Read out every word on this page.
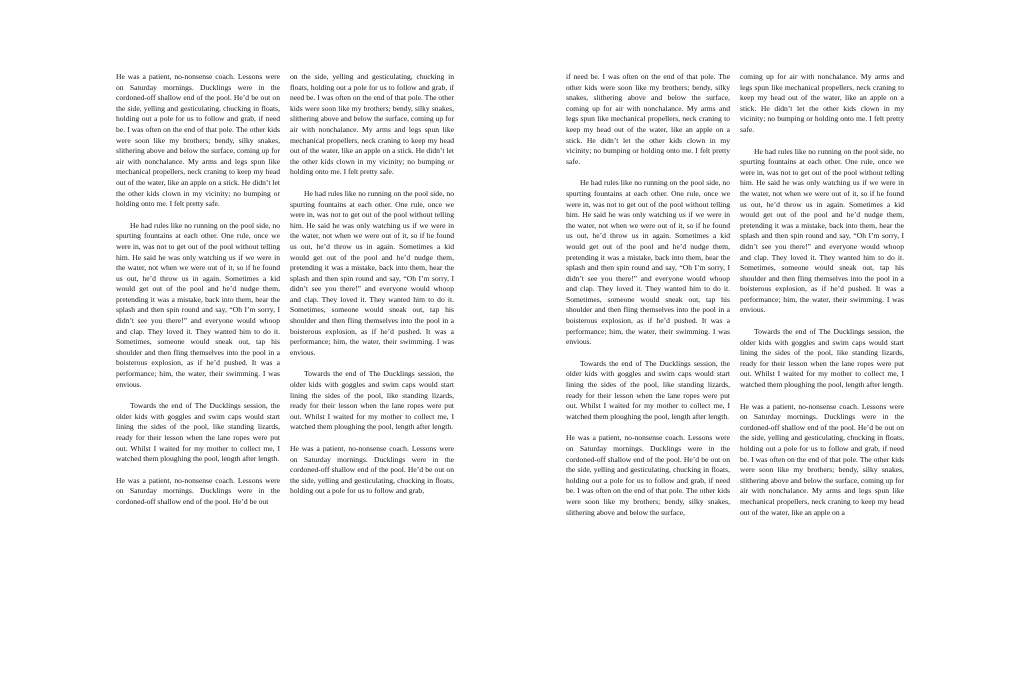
He was a patient, no-nonsense coach. Lessons were on Saturday mornings. Ducklings were in the cordoned-off shallow end of the pool. He’d be out on the side, yelling and gesticulating, chucking in floats, holding out a pole for us to follow and grab, if need be. I was often on the end of that pole. The other kids were soon like my brothers; bendy, silky snakes, slithering above and below the surface, coming up for air with nonchalance. My arms and legs spun like mechanical propellers, neck craning to keep my head out of the water, like an apple on a stick. He didn’t let the other kids clown in my vicinity; no bumping or holding onto me. I felt pretty safe.

He had rules like no running on the pool side, no spurting fountains at each other. One rule, once we were in, was not to get out of the pool without telling him. He said he was only watching us if we were in the water, not when we were out of it, so if he found us out, he’d throw us in again. Sometimes a kid would get out of the pool and he’d nudge them, pretending it was a mistake, back into them, hear the splash and then spin round and say, “Oh I’m sorry, I didn’t see you there!” and everyone would whoop and clap. They loved it. They wanted him to do it. Sometimes, someone would sneak out, tap his shoulder and then fling themselves into the pool in a boisterous explosion, as if he’d pushed. It was a performance; him, the water, their swimming. I was envious.

Towards the end of The Ducklings session, the older kids with goggles and swim caps would start lining the sides of the pool, like standing lizards, ready for their lesson when the lane ropes were put out. Whilst I waited for my mother to collect me, I watched them ploughing the pool, length after length.

He was a patient, no-nonsense coach. Lessons were on Saturday mornings. Ducklings were in the cordoned-off shallow end of the pool. He’d be out

on the side, yelling and gesticulating, chucking in floats, holding out a pole for us to follow and grab, if need be. I was often on the end of that pole. The other kids were soon like my brothers; bendy, silky snakes, slithering above and below the surface, coming up for air with nonchalance. My arms and legs spun like mechanical propellers, neck craning to keep my head out of the water, like an apple on a stick. He didn’t let the other kids clown in my vicinity; no bumping or holding onto me. I felt pretty safe.

He had rules like no running on the pool side, no spurting fountains at each other. One rule, once we were in, was not to get out of the pool without telling him. He said he was only watching us if we were in the water, not when we were out of it, so if he found us out, he’d throw us in again. Sometimes a kid would get out of the pool and he’d nudge them, pretending it was a mistake, back into them, hear the splash and then spin round and say, “Oh I’m sorry, I didn’t see you there!” and everyone would whoop and clap. They loved it. They wanted him to do it. Sometimes, someone would sneak out, tap his shoulder and then fling themselves into the pool in a boisterous explosion, as if he’d pushed. It was a performance; him, the water, their swimming. I was envious.

Towards the end of The Ducklings session, the older kids with goggles and swim caps would start lining the sides of the pool, like standing lizards, ready for their lesson when the lane ropes were put out. Whilst I waited for my mother to collect me, I watched them ploughing the pool, length after length.

He was a patient, no-nonsense coach. Lessons were on Saturday mornings. Ducklings were in the cordoned-off shallow end of the pool. He’d be out on the side, yelling and gesticulating, chucking in floats, holding out a pole for us to follow and grab,

if need be. I was often on the end of that pole. The other kids were soon like my brothers; bendy, silky snakes, slithering above and below the surface, coming up for air with nonchalance. My arms and legs spun like mechanical propellers, neck craning to keep my head out of the water, like an apple on a stick. He didn’t let the other kids clown in my vicinity; no bumping or holding onto me. I felt pretty safe.

He had rules like no running on the pool side, no spurting fountains at each other. One rule, once we were in, was not to get out of the pool without telling him. He said he was only watching us if we were in the water, not when we were out of it, so if he found us out, he’d throw us in again. Sometimes a kid would get out of the pool and he’d nudge them, pretending it was a mistake, back into them, hear the splash and then spin round and say, “Oh I’m sorry, I didn’t see you there!” and everyone would whoop and clap. They loved it. They wanted him to do it. Sometimes, someone would sneak out, tap his shoulder and then fling themselves into the pool in a boisterous explosion, as if he’d pushed. It was a performance; him, the water, their swimming. I was envious.

Towards the end of The Ducklings session, the older kids with goggles and swim caps would start lining the sides of the pool, like standing lizards, ready for their lesson when the lane ropes were put out. Whilst I waited for my mother to collect me, I watched them ploughing the pool, length after length.

He was a patient, no-nonsense coach. Lessons were on Saturday mornings. Ducklings were in the cordoned-off shallow end of the pool. He’d be out on the side, yelling and gesticulating, chucking in floats, holding out a pole for us to follow and grab, if need be. I was often on the end of that pole. The other kids were soon like my brothers; bendy, silky snakes, slithering above and below the surface,

coming up for air with nonchalance. My arms and legs spun like mechanical propellers, neck craning to keep my head out of the water, like an apple on a stick. He didn’t let the other kids clown in my vicinity; no bumping or holding onto me. I felt pretty safe.

He had rules like no running on the pool side, no spurting fountains at each other. One rule, once we were in, was not to get out of the pool without telling him. He said he was only watching us if we were in the water, not when we were out of it, so if he found us out, he’d throw us in again. Sometimes a kid would get out of the pool and he’d nudge them, pretending it was a mistake, back into them, hear the splash and then spin round and say, “Oh I’m sorry, I didn’t see you there!” and everyone would whoop and clap. They loved it. They wanted him to do it. Sometimes, someone would sneak out, tap his shoulder and then fling themselves into the pool in a boisterous explosion, as if he’d pushed. It was a performance; him, the water, their swimming. I was envious.

Towards the end of The Ducklings session, the older kids with goggles and swim caps would start lining the sides of the pool, like standing lizards, ready for their lesson when the lane ropes were put out. Whilst I waited for my mother to collect me, I watched them ploughing the pool, length after length.

He was a patient, no-nonsense coach. Lessons were on Saturday mornings. Ducklings were in the cordoned-off shallow end of the pool. He’d be out on the side, yelling and gesticulating, chucking in floats, holding out a pole for us to follow and grab, if need be. I was often on the end of that pole. The other kids were soon like my brothers; bendy, silky snakes, slithering above and below the surface, coming up for air with nonchalance. My arms and legs spun like mechanical propellers, neck craning to keep my head out of the water, like an apple on a
